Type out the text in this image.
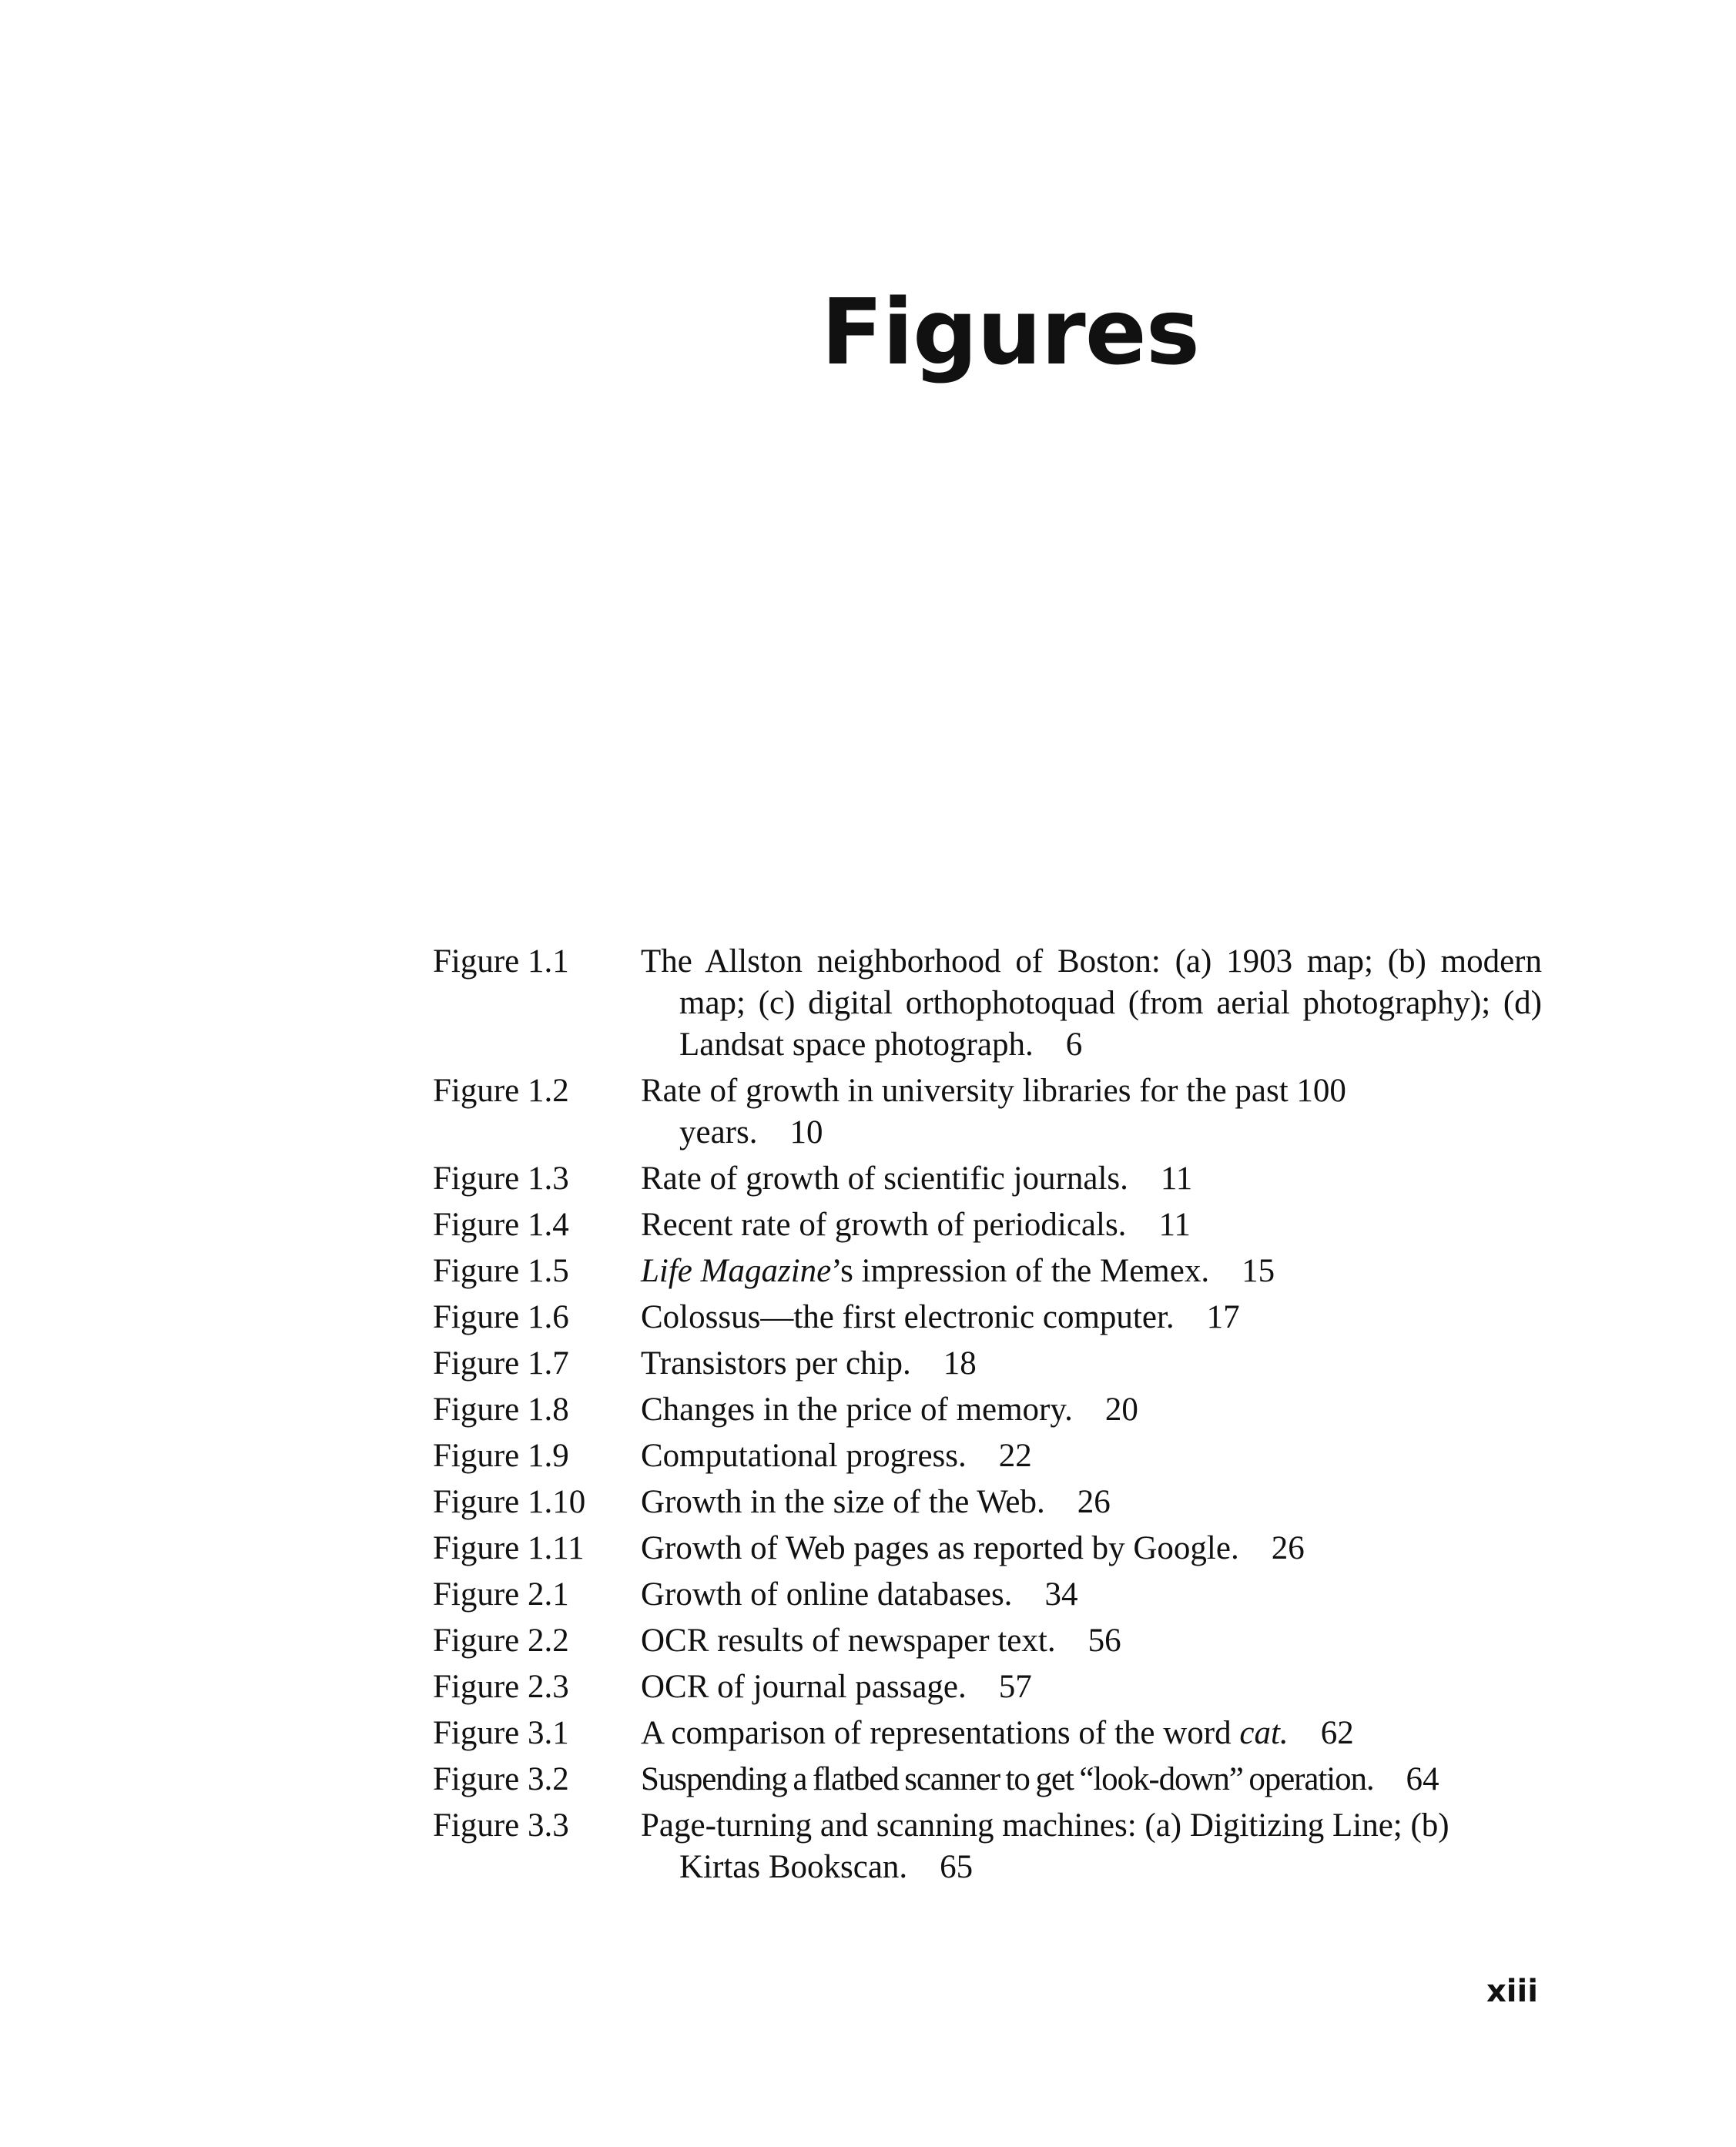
Figures
Figure 1.1 The Allston neighborhood of Boston: (a) 1903 map; (b) modern map; (c) digital orthophotoquad (from aerial photography); (d) Landsat space photograph. 6
Figure 1.2 Rate of growth in university libraries for the past 100 years. 10
Figure 1.3 Rate of growth of scientific journals. 11
Figure 1.4 Recent rate of growth of periodicals. 11
Figure 1.5 Life Magazine’s impression of the Memex. 15
Figure 1.6 Colossus—the first electronic computer. 17
Figure 1.7 Transistors per chip. 18
Figure 1.8 Changes in the price of memory. 20
Figure 1.9 Computational progress. 22
Figure 1.10 Growth in the size of the Web. 26
Figure 1.11 Growth of Web pages as reported by Google. 26
Figure 2.1 Growth of online databases. 34
Figure 2.2 OCR results of newspaper text. 56
Figure 2.3 OCR of journal passage. 57
Figure 3.1 A comparison of representations of the word cat. 62
Figure 3.2 Suspending a flatbed scanner to get “look-down” operation. 64
Figure 3.3 Page-turning and scanning machines: (a) Digitizing Line; (b) Kirtas Bookscan. 65
xiii
